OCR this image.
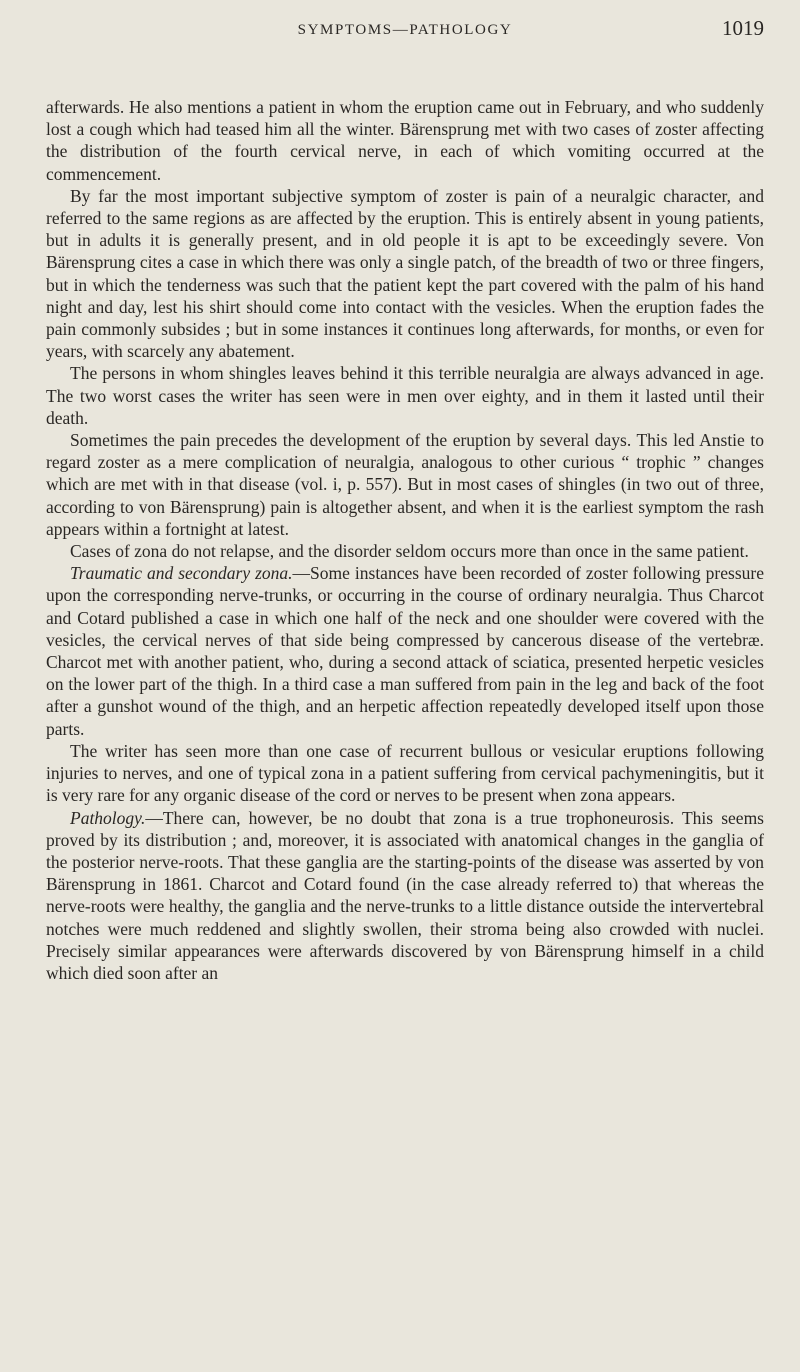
SYMPTOMS—PATHOLOGY	1019

afterwards. He also mentions a patient in whom the eruption came out in February, and who suddenly lost a cough which had teased him all the winter. Bärensprung met with two cases of zoster affecting the distribution of the fourth cervical nerve, in each of which vomiting occurred at the commencement.

By far the most important subjective symptom of zoster is pain of a neuralgic character, and referred to the same regions as are affected by the eruption. This is entirely absent in young patients, but in adults it is generally present, and in old people it is apt to be exceedingly severe. Von Bärensprung cites a case in which there was only a single patch, of the breadth of two or three fingers, but in which the tenderness was such that the patient kept the part covered with the palm of his hand night and day, lest his shirt should come into contact with the vesicles. When the eruption fades the pain commonly subsides ; but in some instances it continues long afterwards, for months, or even for years, with scarcely any abatement.

The persons in whom shingles leaves behind it this terrible neuralgia are always advanced in age. The two worst cases the writer has seen were in men over eighty, and in them it lasted until their death.

Sometimes the pain precedes the development of the eruption by several days. This led Anstie to regard zoster as a mere complication of neuralgia, analogous to other curious “ trophic ” changes which are met with in that disease (vol. i, p. 557). But in most cases of shingles (in two out of three, according to von Bärensprung) pain is altogether absent, and when it is the earliest symptom the rash appears within a fortnight at latest.

Cases of zona do not relapse, and the disorder seldom occurs more than once in the same patient.

Traumatic and secondary zona.—Some instances have been recorded of zoster following pressure upon the corresponding nerve-trunks, or occurring in the course of ordinary neuralgia. Thus Charcot and Cotard published a case in which one half of the neck and one shoulder were covered with the vesicles, the cervical nerves of that side being compressed by cancerous disease of the vertebræ. Charcot met with another patient, who, during a second attack of sciatica, presented herpetic vesicles on the lower part of the thigh. In a third case a man suffered from pain in the leg and back of the foot after a gunshot wound of the thigh, and an herpetic affection repeatedly developed itself upon those parts.

The writer has seen more than one case of recurrent bullous or vesicular eruptions following injuries to nerves, and one of typical zona in a patient suffering from cervical pachymeningitis, but it is very rare for any organic disease of the cord or nerves to be present when zona appears.

Pathology.—There can, however, be no doubt that zona is a true trophoneurosis. This seems proved by its distribution ; and, moreover, it is associated with anatomical changes in the ganglia of the posterior nerve-roots. That these ganglia are the starting-points of the disease was asserted by von Bärensprung in 1861. Charcot and Cotard found (in the case already referred to) that whereas the nerve-roots were healthy, the ganglia and the nerve-trunks to a little distance outside the intervertebral notches were much reddened and slightly swollen, their stroma being also crowded with nuclei. Precisely similar appearances were afterwards discovered by von Bärensprung himself in a child which died soon after an
